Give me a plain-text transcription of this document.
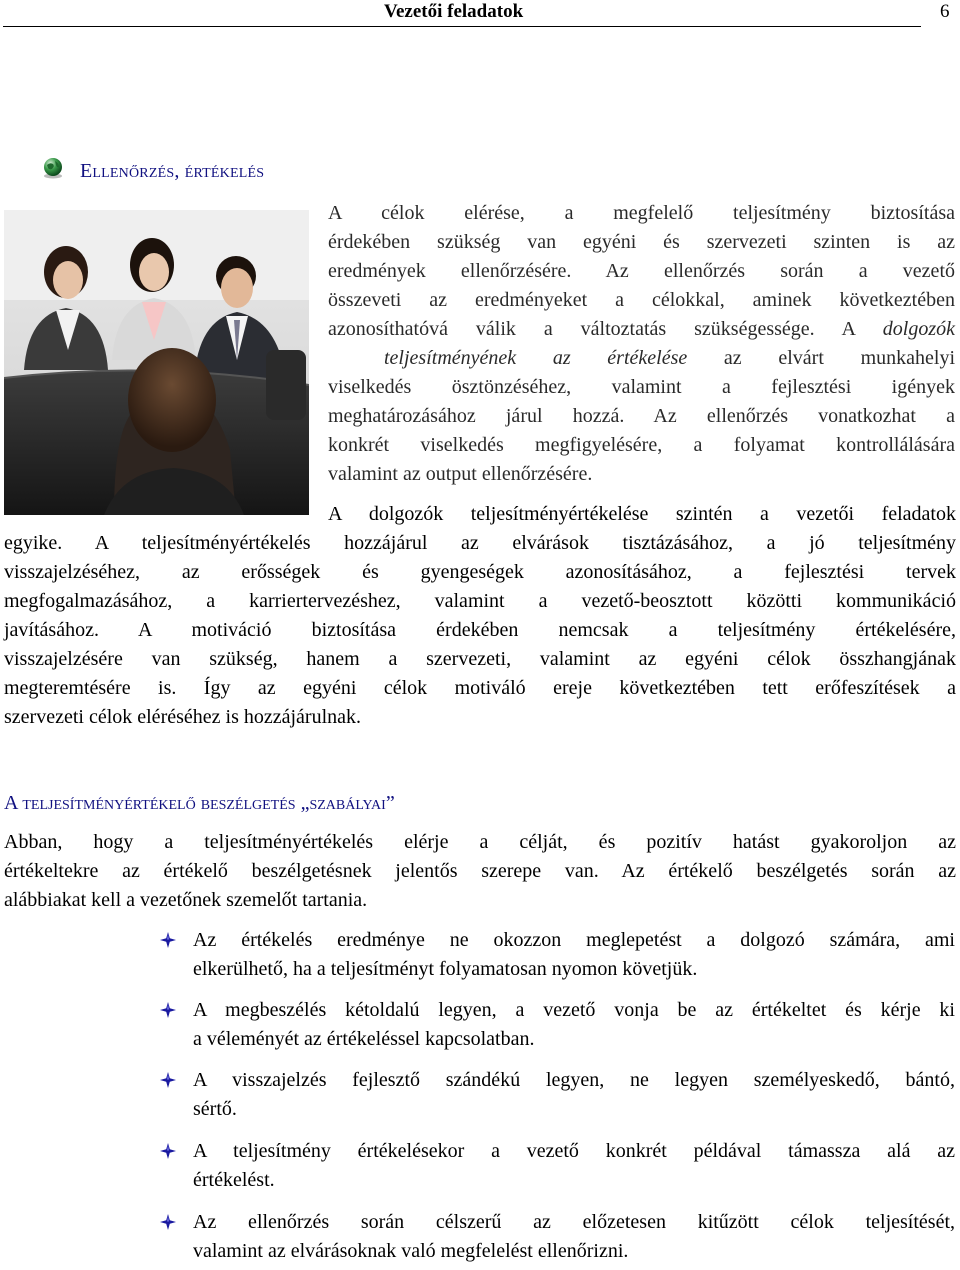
Vezetői feladatok	6
Ellenőrzés, értékelés
A célok elérése, a megfelelő teljesítmény biztosítása
érdekében szükség van egyéni és szervezeti szinten is az
eredmények ellenőrzésére. Az ellenőrzés során a vezető
összeveti az eredményeket a célokkal, aminek következtében
azonosíthatóvá válik a változtatás szükségessége. A dolgozók
teljesítményének az értékelése az elvárt munkahelyi
viselkedés ösztönzéséhez, valamint a fejlesztési igények
meghatározásához járul hozzá. Az ellenőrzés vonatkozhat a
konkrét viselkedés megfigyelésére, a folyamat kontrollálására
valamint az output ellenőrzésére.
A dolgozók teljesítményértékelése szintén a vezetői feladatok
egyike. A teljesítményértékelés hozzájárul az elvárások tisztázásához, a jó teljesítmény
visszajelzéséhez, az erősségek és gyengeségek azonosításához, a fejlesztési tervek
megfogalmazásához, a karriertervezéshez, valamint a vezető-beosztott közötti kommunikáció
javításához. A motiváció biztosítása érdekében nemcsak a teljesítmény értékelésére,
visszajelzésére van szükség, hanem a szervezeti, valamint az egyéni célok összhangjának
megteremtésére is. Így az egyéni célok motiváló ereje következtében tett erőfeszítések a
szervezeti célok eléréséhez is hozzájárulnak.
A teljesítményértékelő beszélgetés „szabályai”
Abban, hogy a teljesítményértékelés elérje a célját, és pozitív hatást gyakoroljon az
értékeltekre az értékelő beszélgetésnek jelentős szerepe van. Az értékelő beszélgetés során az
alábbiakat kell a vezetőnek szemelőt tartania.
Az értékelés eredménye ne okozzon meglepetést a dolgozó számára, ami
elkerülhető, ha a teljesítményt folyamatosan nyomon követjük.
A megbeszélés kétoldalú legyen, a vezető vonja be az értékeltet és kérje ki
a véleményét az értékeléssel kapcsolatban.
A visszajelzés fejlesztő szándékú legyen, ne legyen személyeskedő, bántó,
sértő.
A teljesítmény értékelésekor a vezető konkrét példával támassza alá az
értékelést.
Az ellenőrzés során célszerű az előzetesen kitűzött célok teljesítését,
valamint az elvárásoknak való megfelelést ellenőrizni.
